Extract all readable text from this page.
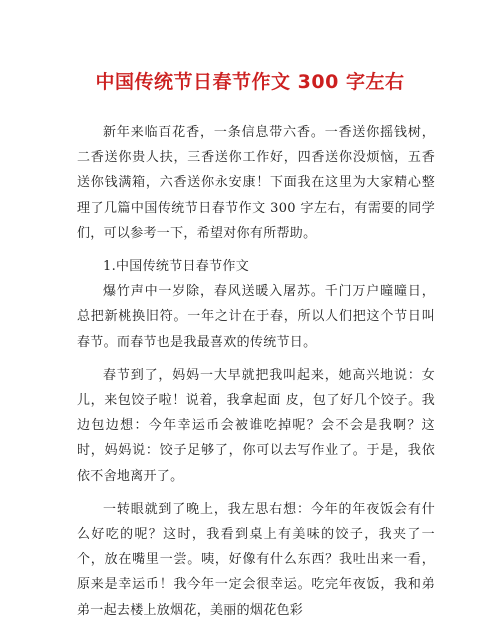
中国传统节日春节作文 300 字左右

新年来临百花香，一条信息带六香。一香送你摇钱树，二香送你贵人扶，三香送你工作好，四香送你没烦恼，五香送你钱满箱，六香送你永安康！下面我在这里为大家精心整理了几篇中国传统节日春节作文 300 字左右，有需要的同学们，可以参考一下，希望对你有所帮助。

1.中国传统节日春节作文

爆竹声中一岁除，春风送暖入屠苏。千门万户曈曈日，总把新桃换旧符。一年之计在于春，所以人们把这个节日叫春节。而春节也是我最喜欢的传统节日。

春节到了，妈妈一大早就把我叫起来，她高兴地说：女儿，来包饺子啦！说着，我拿起面 皮，包了好几个饺子。我边包边想：今年幸运币会被谁吃掉呢？会不会是我啊？这时，妈妈说：饺子足够了，你可以去写作业了。于是，我依依不舍地离开了。

一转眼就到了晚上，我左思右想：今年的年夜饭会有什么好吃的呢？这时，我看到桌上有美味的饺子，我夹了一个，放在嘴里一尝。咦，好像有什么东西？我吐出来一看，原来是幸运币！我今年一定会很幸运。吃完年夜饭，我和弟弟一起去楼上放烟花，美丽的烟花色彩
